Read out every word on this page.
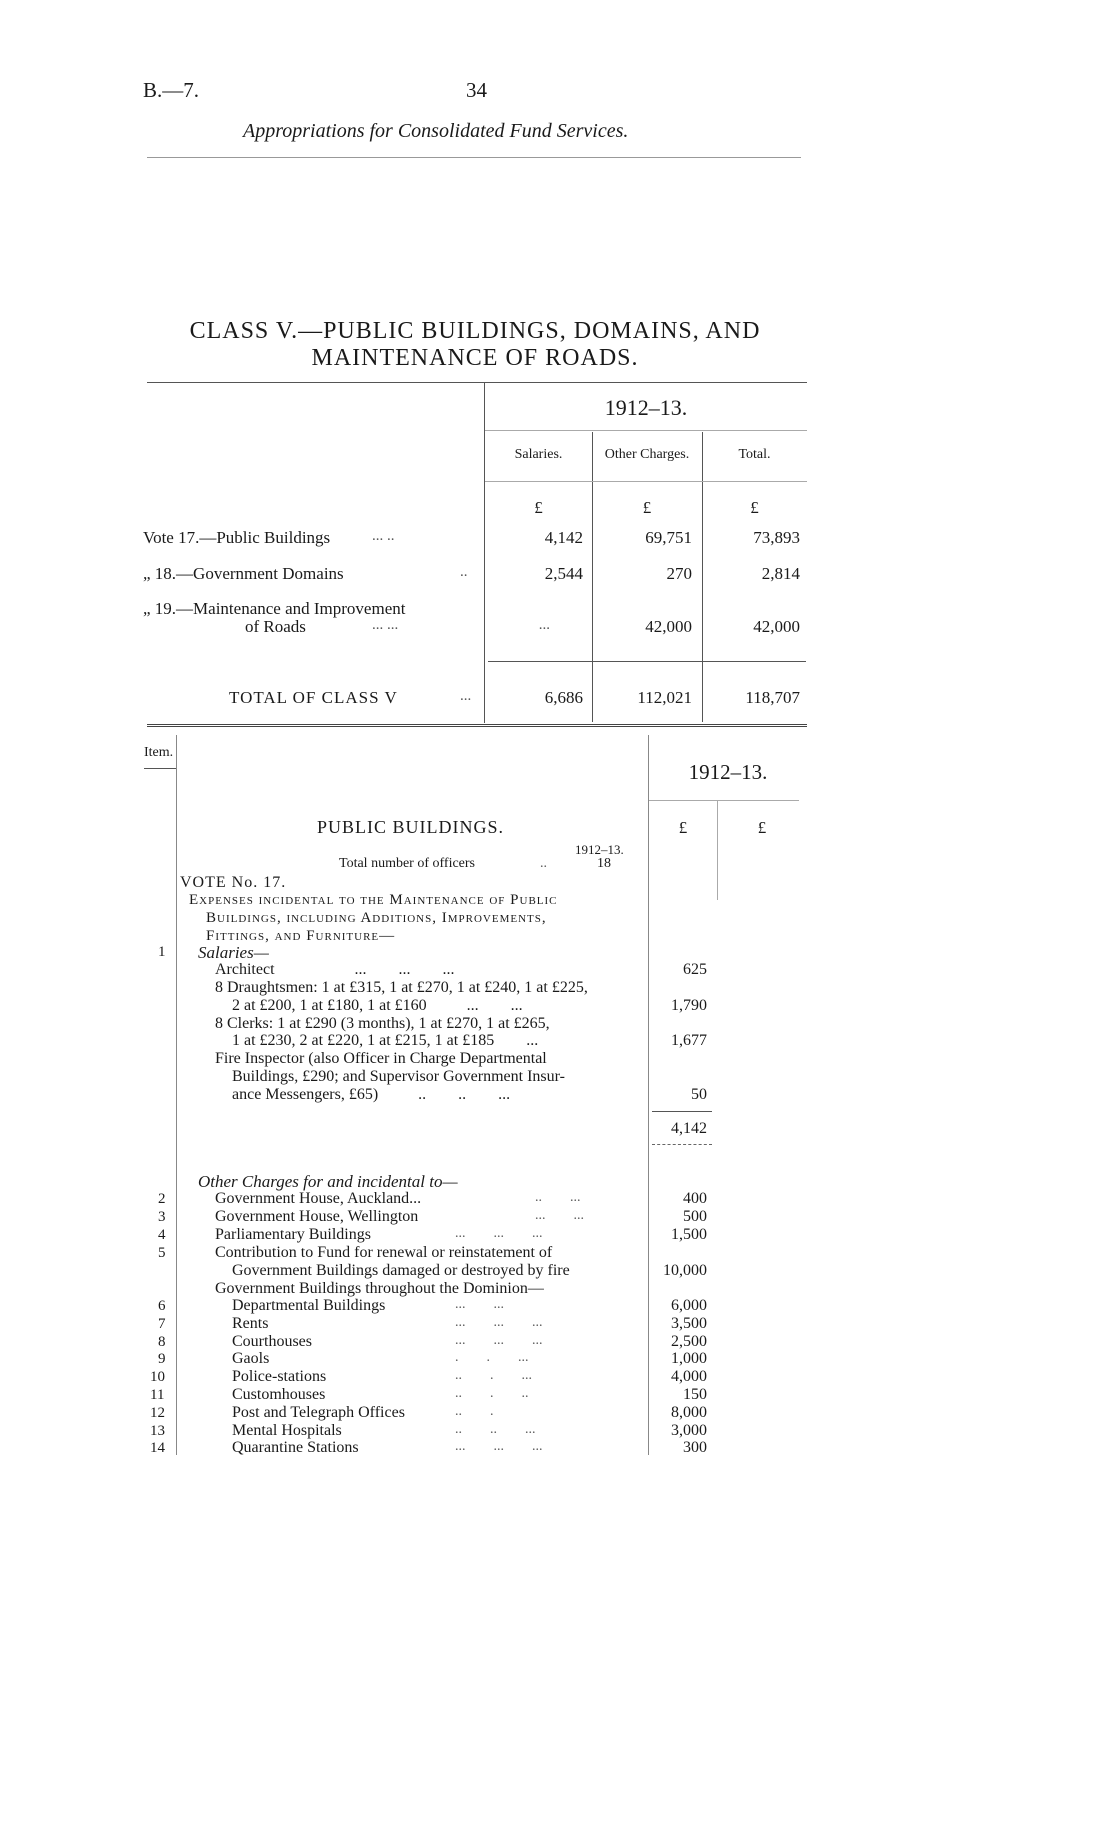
B.—7.	34
Appropriations for Consolidated Fund Services.
CLASS V.—PUBLIC BUILDINGS, DOMAINS, AND
MAINTENANCE OF ROADS.
1912–13.
Salaries.	Other Charges.	Total.
£	£	£
Vote 17.—Public Buildings	... ..	4,142	69,751	73,893
„ 18.—Government Domains	..	2,544	270	2,814
„ 19.—Maintenance and Improvement
of Roads	... ...	...	42,000	42,000
TOTAL OF CLASS V	...	6,686	112,021	118,707
Item.
1912–13.
£	£
PUBLIC BUILDINGS.
1912–13.
Total number of officers	..	18
VOTE No. 17.
Expenses incidental to the Maintenance of Public
Buildings, including Additions, Improvements,
Fittings, and Furniture—
1 Salaries—
Architect                    ...        ...        ...	625
8 Draughtsmen: 1 at £315, 1 at £270, 1 at £240, 1 at £225,
2 at £200, 1 at £180, 1 at £160          ...        ...	1,790
8 Clerks: 1 at £290 (3 months), 1 at £270, 1 at £265,
1 at £230, 2 at £220, 1 at £215, 1 at £185        ...	1,677
Fire Inspector (also Officer in Charge Departmental
Buildings, £290; and Supervisor Government Insur-
ance Messengers, £65)          ..        ..        ...	50
4,142
Other Charges for and incidental to—
2	Government House, Auckland...	..        ...	400
3	Government House, Wellington	...        ...	500
4	Parliamentary Buildings	...        ...        ...	1,500
5	Contribution to Fund for renewal or reinstatement of
Government Buildings damaged or destroyed by fire	10,000
Government Buildings throughout the Dominion—
6	Departmental Buildings	...        ...	6,000
7	Rents	...        ...        ...	3,500
8	Courthouses	...        ...        ...	2,500
9	Gaols	.        .        ...	1,000
10	Police-stations	..        .        ...	4,000
11	Customhouses	..        .        ..	150
12	Post and Telegraph Offices	..        .	8,000
13	Mental Hospitals	..        ..        ...	3,000
14	Quarantine Stations	...        ...        ...	300
